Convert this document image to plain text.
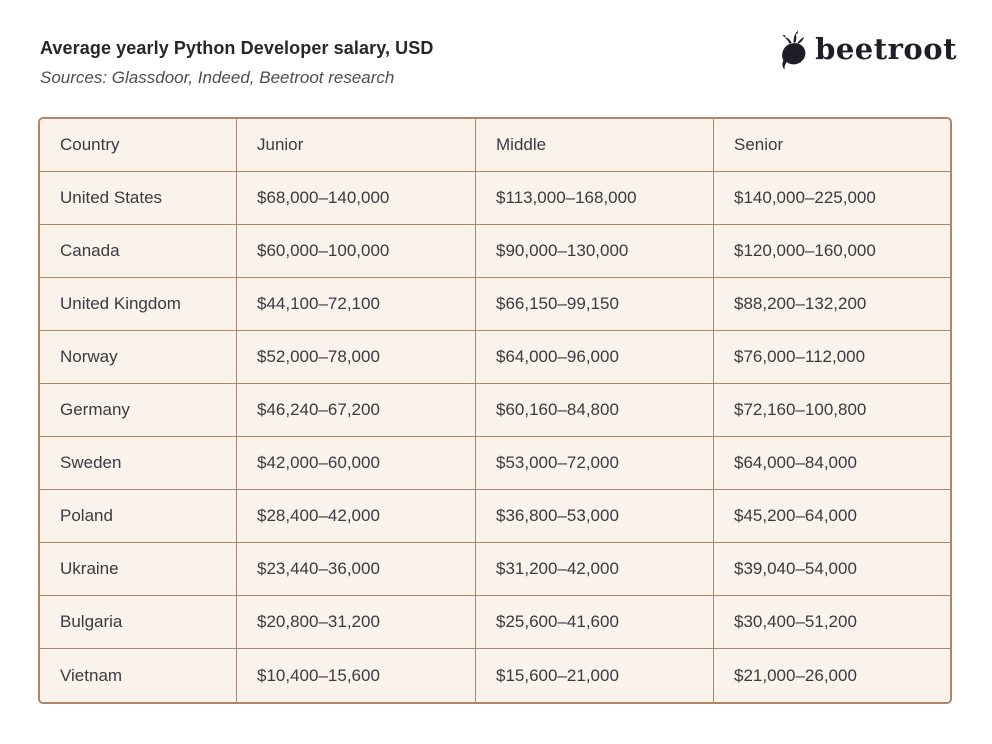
Average yearly Python Developer salary, USD
Sources: Glassdoor, Indeed, Beetroot research
beetroot
Country	Junior	Middle	Senior
United States	$68,000–140,000	$113,000–168,000	$140,000–225,000
Canada	$60,000–100,000	$90,000–130,000	$120,000–160,000
United Kingdom	$44,100–72,100	$66,150–99,150	$88,200–132,200
Norway	$52,000–78,000	$64,000–96,000	$76,000–112,000
Germany	$46,240–67,200	$60,160–84,800	$72,160–100,800
Sweden	$42,000–60,000	$53,000–72,000	$64,000–84,000
Poland	$28,400–42,000	$36,800–53,000	$45,200–64,000
Ukraine	$23,440–36,000	$31,200–42,000	$39,040–54,000
Bulgaria	$20,800–31,200	$25,600–41,600	$30,400–51,200
Vietnam	$10,400–15,600	$15,600–21,000	$21,000–26,000
